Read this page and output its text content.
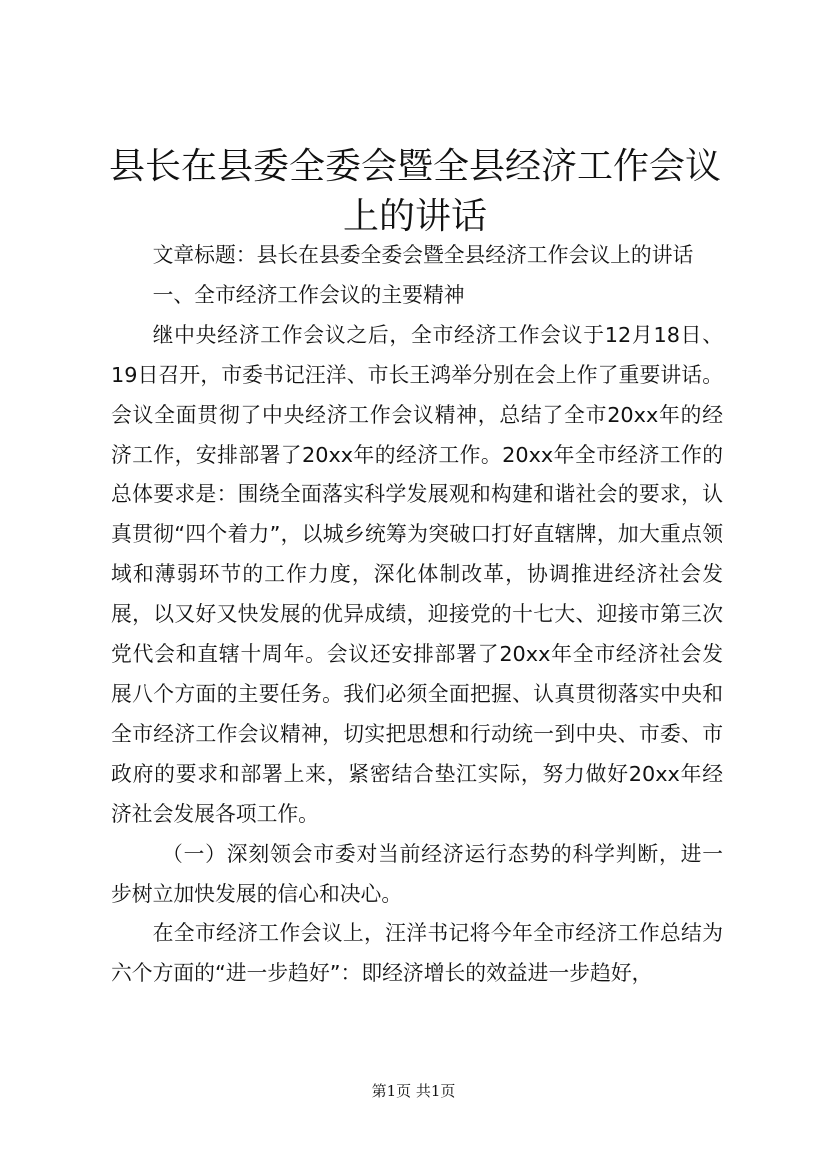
县长在县委全委会暨全县经济工作会议上的讲话

文章标题：县长在县委全委会暨全县经济工作会议上的讲话

一、全市经济工作会议的主要精神

继中央经济工作会议之后，全市经济工作会议于12月18日、19日召开，市委书记汪洋、市长王鸿举分别在会上作了重要讲话。会议全面贯彻了中央经济工作会议精神，总结了全市20xx年的经济工作，安排部署了20xx年的经济工作。20xx年全市经济工作的总体要求是：围绕全面落实科学发展观和构建和谐社会的要求，认真贯彻“四个着力”，以城乡统筹为突破口打好直辖牌，加大重点领域和薄弱环节的工作力度，深化体制改革，协调推进经济社会发展，以又好又快发展的优异成绩，迎接党的十七大、迎接市第三次党代会和直辖十周年。会议还安排部署了20xx年全市经济社会发展八个方面的主要任务。我们必须全面把握、认真贯彻落实中央和全市经济工作会议精神，切实把思想和行动统一到中央、市委、市政府的要求和部署上来，紧密结合垫江实际，努力做好20xx年经济社会发展各项工作。

（一）深刻领会市委对当前经济运行态势的科学判断，进一步树立加快发展的信心和决心。

在全市经济工作会议上，汪洋书记将今年全市经济工作总结为六个方面的“进一步趋好”：即经济增长的效益进一步趋好，

第1页 共1页
